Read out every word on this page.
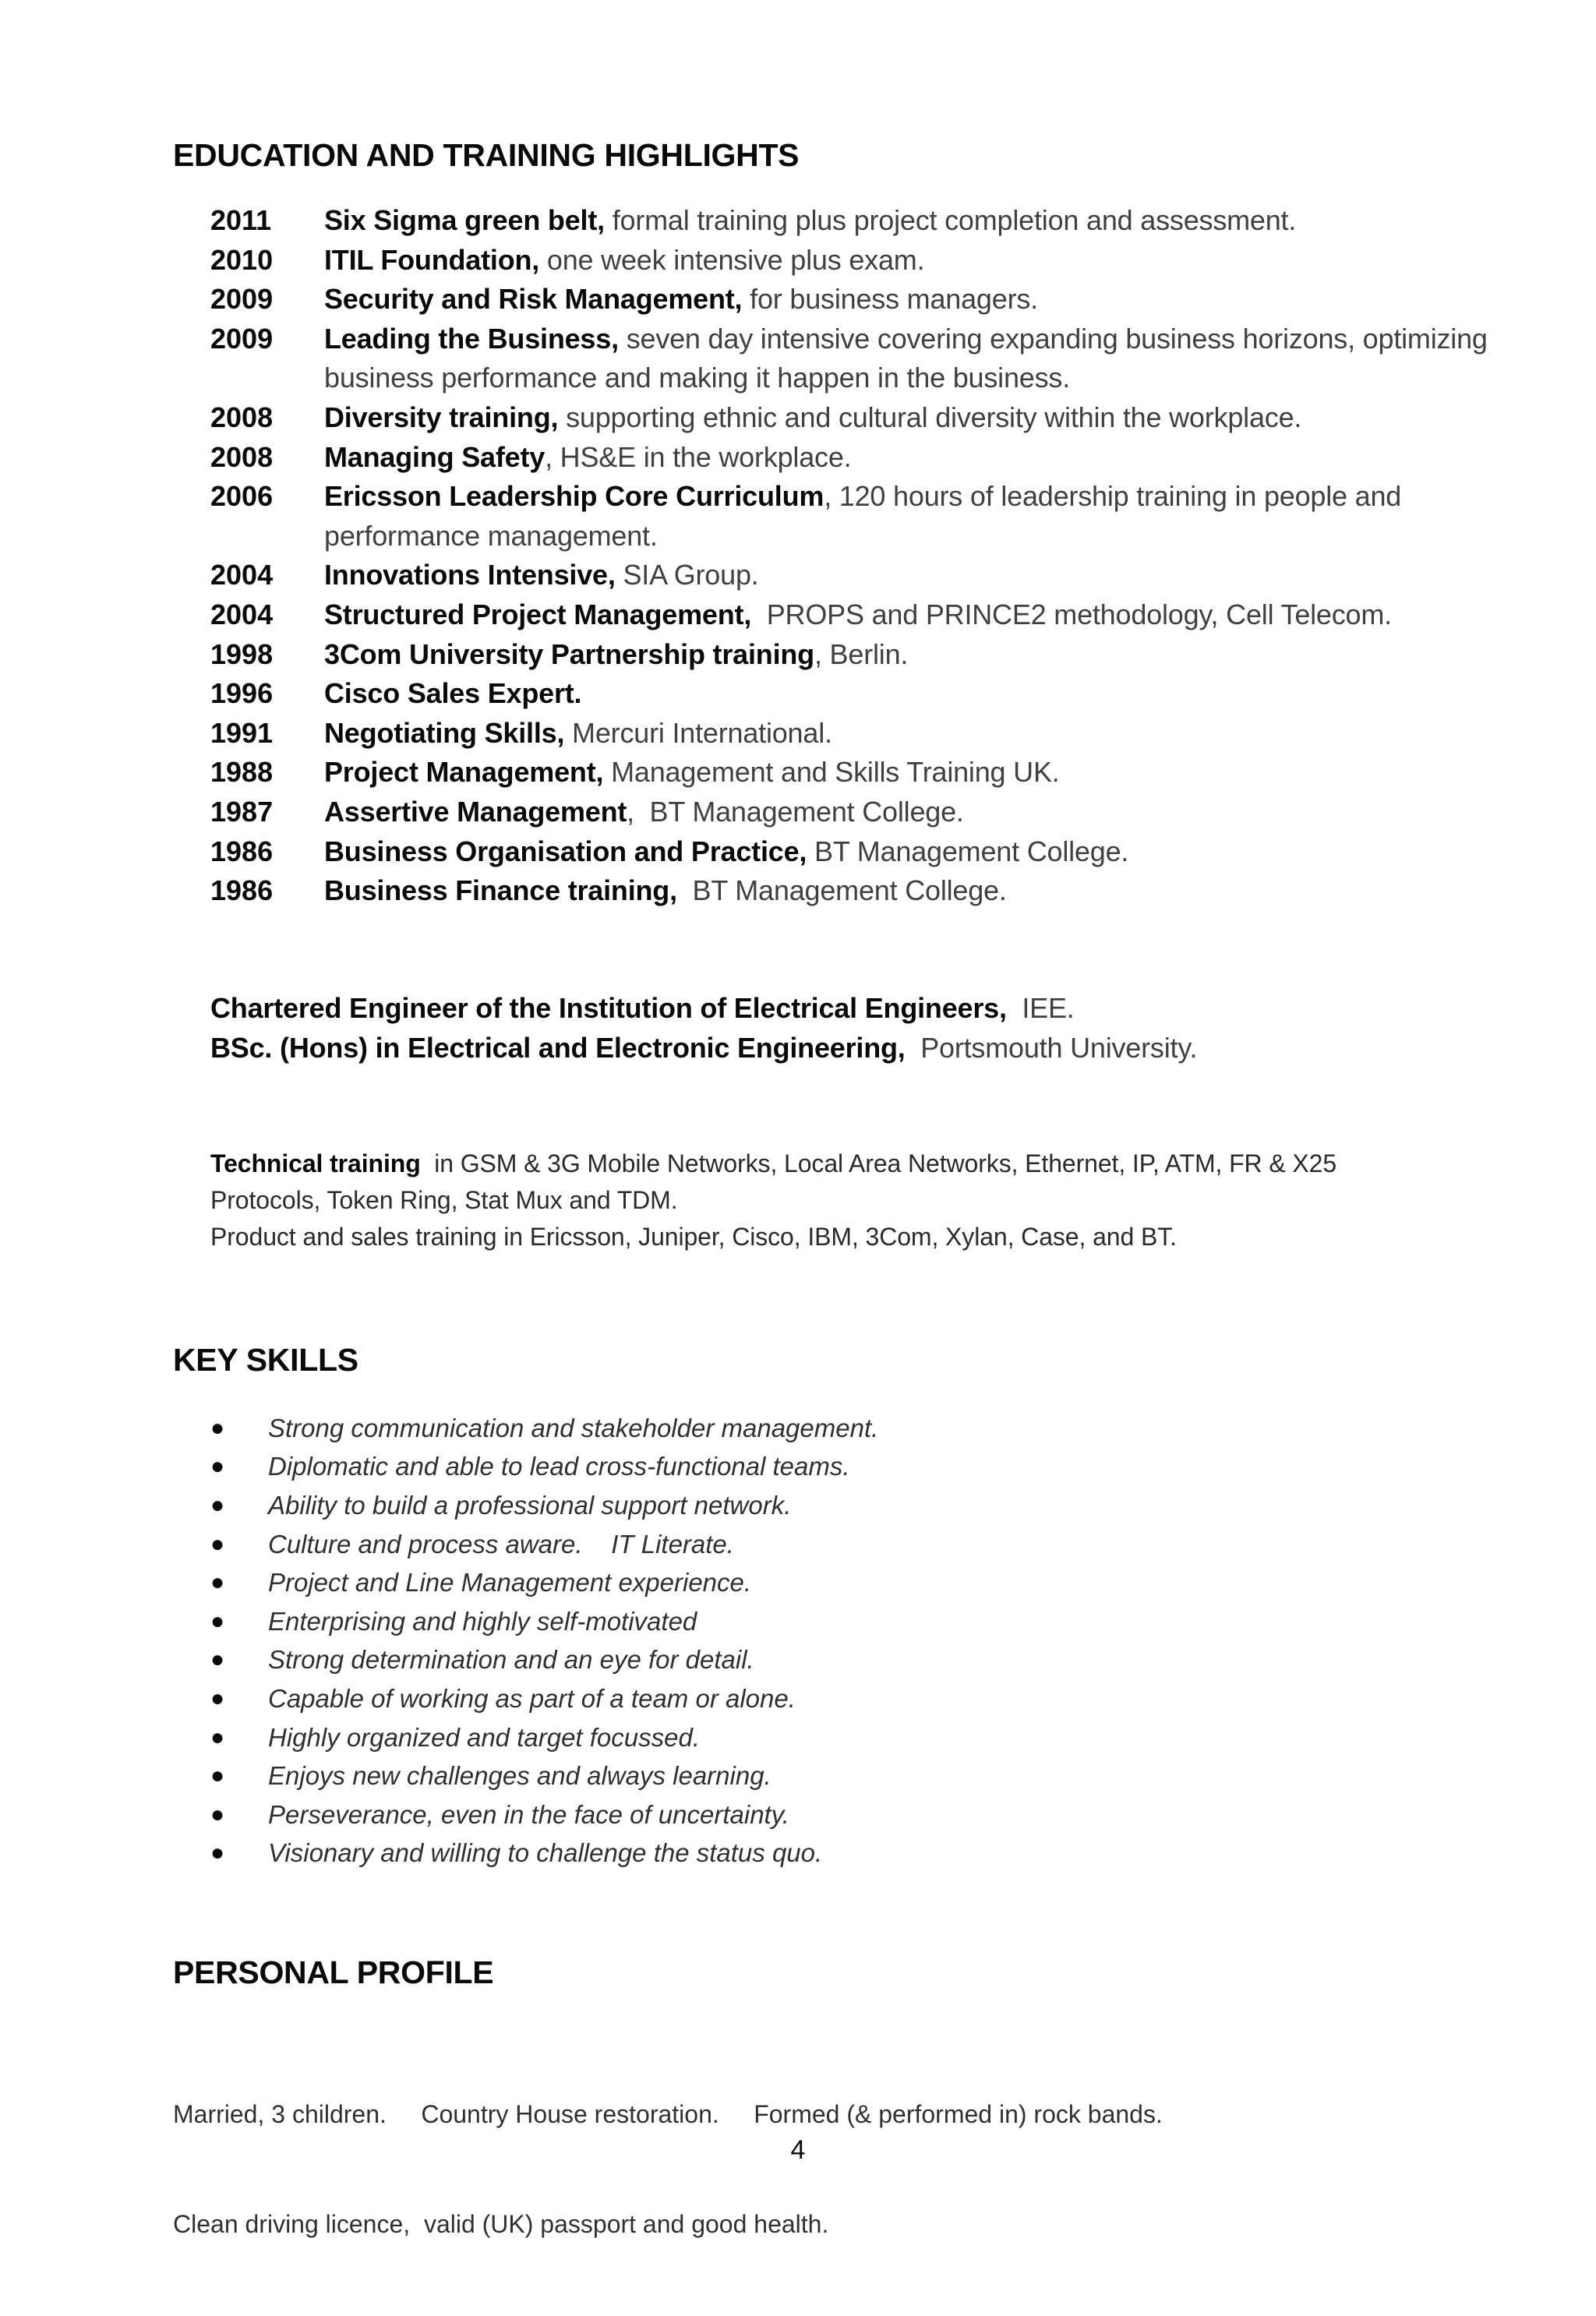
EDUCATION AND TRAINING HIGHLIGHTS
2011	Six Sigma green belt, formal training plus project completion and assessment.
2010	ITIL Foundation, one week intensive plus exam.
2009	Security and Risk Management, for business managers.
2009	Leading the Business, seven day intensive covering expanding business horizons, optimizing business performance and making it happen in the business.
2008	Diversity training, supporting ethnic and cultural diversity within the workplace.
2008	Managing Safety, HS&E in the workplace.
2006	Ericsson Leadership Core Curriculum, 120 hours of leadership training in people and performance management.
2004	Innovations Intensive, SIA Group.
2004	Structured Project Management,  PROPS and PRINCE2 methodology, Cell Telecom.
1998	3Com University Partnership training, Berlin.
1996	Cisco Sales Expert.
1991	Negotiating Skills, Mercuri International.
1988	Project Management, Management and Skills Training UK.
1987	Assertive Management,  BT Management College.
1986	Business Organisation and Practice, BT Management College.
1986	Business Finance training,  BT Management College.
Chartered Engineer of the Institution of Electrical Engineers,  IEE.
BSc. (Hons) in Electrical and Electronic Engineering,  Portsmouth University.
Technical training  in GSM & 3G Mobile Networks, Local Area Networks, Ethernet, IP, ATM, FR & X25 Protocols, Token Ring, Stat Mux and TDM.
Product and sales training in Ericsson, Juniper, Cisco, IBM, 3Com, Xylan, Case, and BT.
KEY SKILLS
●	Strong communication and stakeholder management.
●	Diplomatic and able to lead cross-functional teams.
●	Ability to build a professional support network.
●	Culture and process aware.    IT Literate.
●	Project and Line Management experience.
●	Enterprising and highly self-motivated
●	Strong determination and an eye for detail.
●	Capable of working as part of a team or alone.
●	Highly organized and target focussed.
●	Enjoys new challenges and always learning.
●	Perseverance, even in the face of uncertainty.
●	Visionary and willing to challenge the status quo.
PERSONAL PROFILE

Married, 3 children.     Country House restoration.     Formed (& performed in) rock bands.

Clean driving licence,  valid (UK) passport and good health.

4
